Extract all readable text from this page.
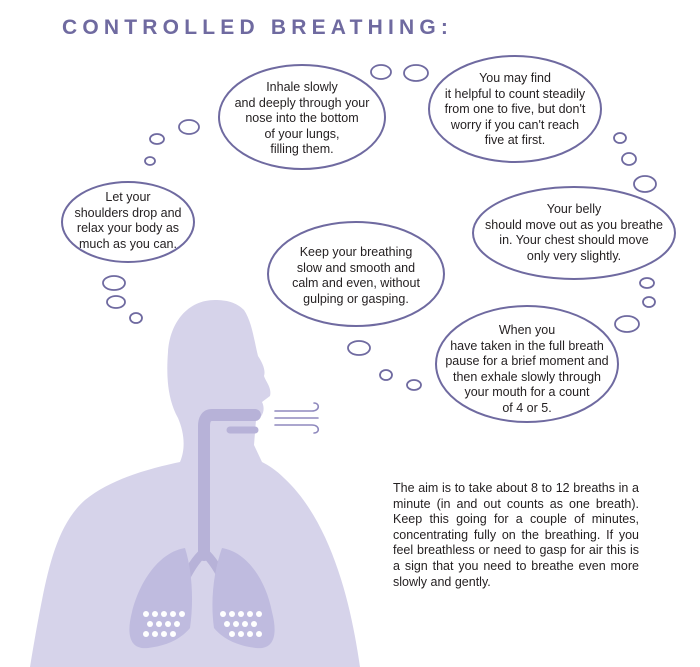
CONTROLLED BREATHING:
Let your
shoulders drop and
relax your body as
much as you can.
Inhale slowly
and deeply through your
nose into the bottom
of your lungs,
filling them.
You may find
it helpful to count steadily
from one to five, but don't
worry if you can't reach
five at first.
Your belly
should move out as you breathe
in. Your chest should move
only very slightly.
Keep your breathing
slow and smooth and
calm and even, without
gulping or gasping.
When you
have taken in the full breath
pause for a brief moment and
then exhale slowly through
your mouth for a count
of 4 or 5.
The aim is to take about 8 to 12 breaths in a minute (in and out counts as one breath). Keep this going for a couple of minutes, concentrating fully on the breathing. If you feel breathless or need to gasp for air this is a sign that you need to breathe even more slowly and gently.
